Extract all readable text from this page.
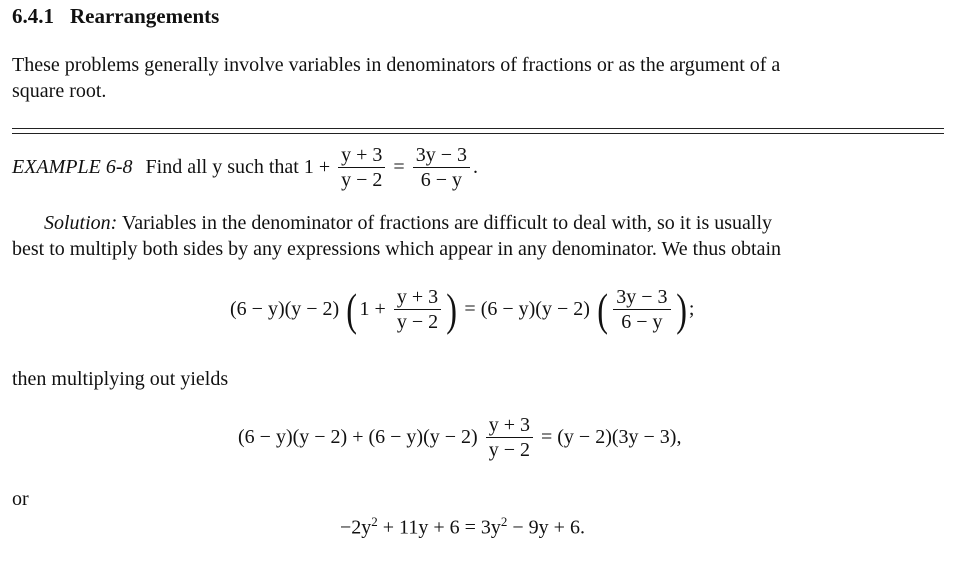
6.4.1 Rearrangements
These problems generally involve variables in denominators of fractions or as the argument of a
square root.
EXAMPLE 6-8 Find all y such that $1 + \frac{y + 3}{y - 2} = \frac{3y - 3}{6 - y}$ .
Solution: Variables in the denominator of fractions are difficult to deal with, so it is usually
best to multiply both sides by any expressions which appear in any denominator. We thus obtain
(6 − y)(y − 2) ( $1 + \frac{y + 3}{y - 2}$ ) = (6 − y)(y − 2) ( $\frac{3y - 3}{6 - y}$ ) ;
then multiplying out yields
$(6 - y)(y - 2) + (6 - y)(y - 2) \frac{y + 3}{y - 2} = (y - 2)(3y - 3)$,
or
$-2y^2 + 11y + 6 = 3y^2 - 9y + 6$.
